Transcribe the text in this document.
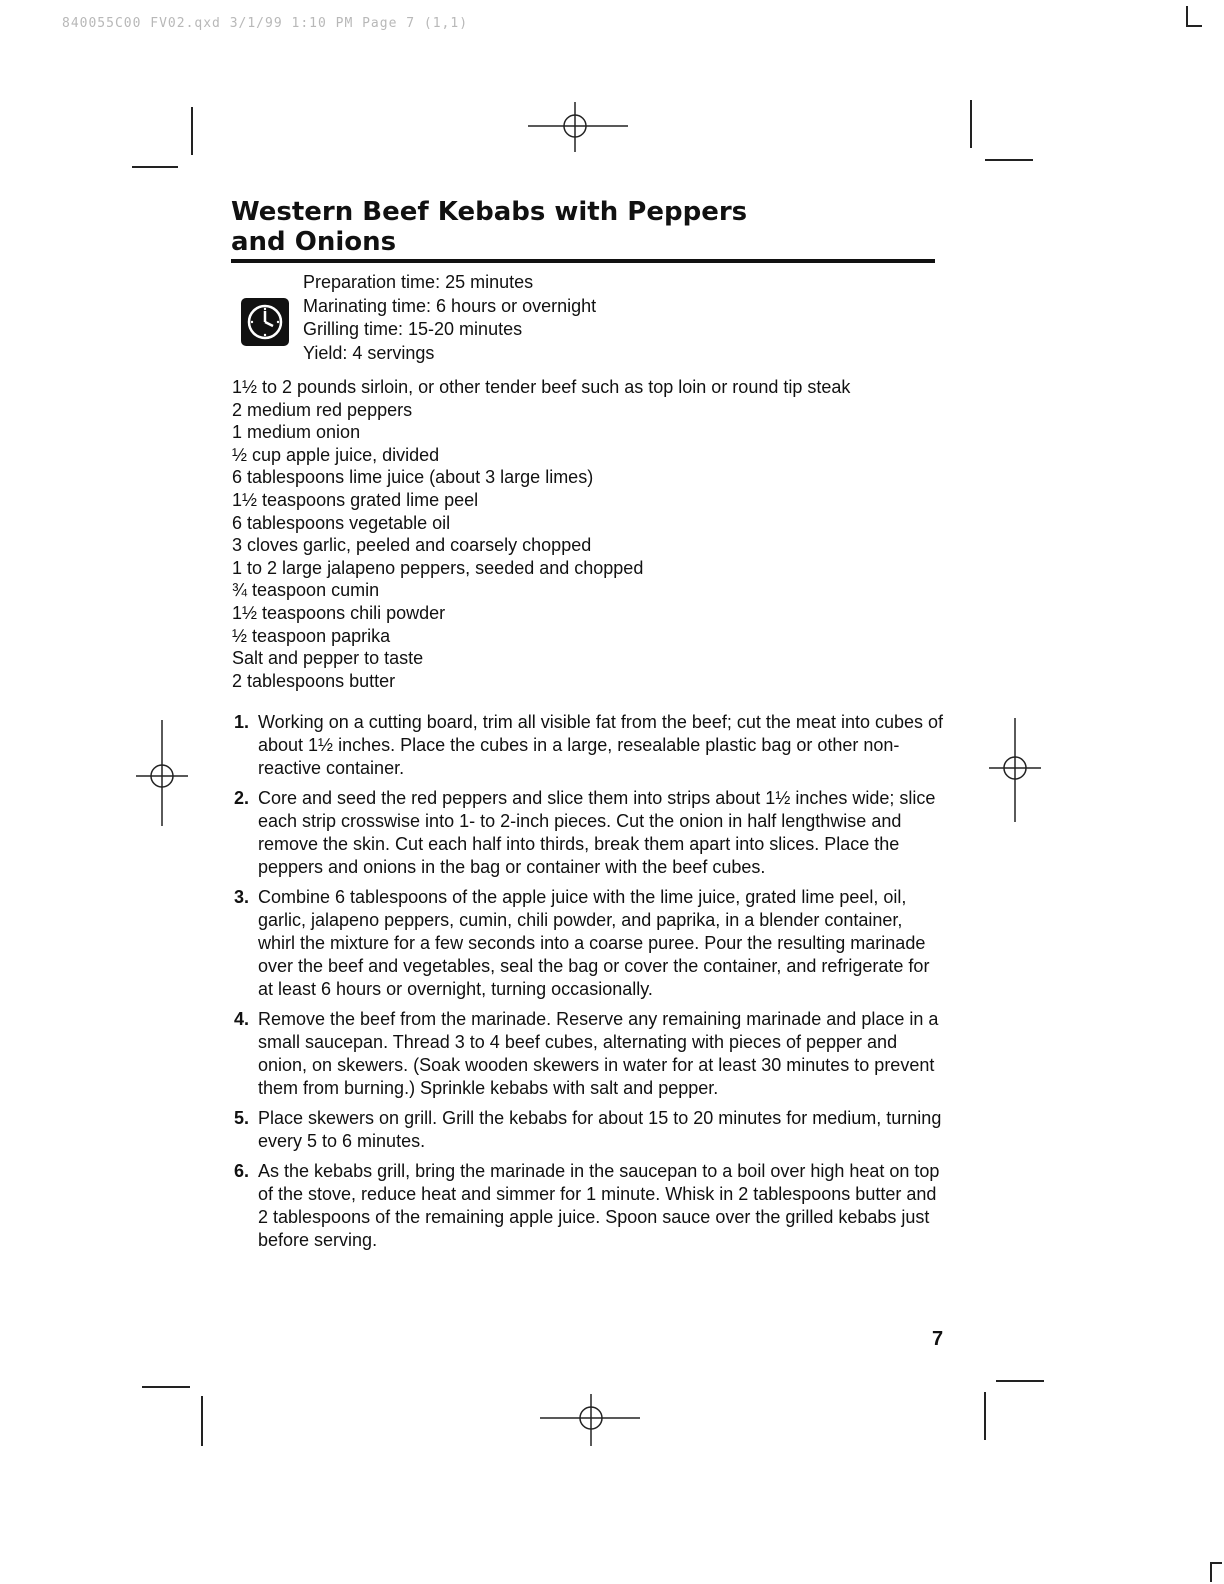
840055C00 FV02.qxd 3/1/99 1:10 PM Page 7 (1,1)
Western Beef Kebabs with Peppers
and Onions
Preparation time: 25 minutes
Marinating time: 6 hours or overnight
Grilling time: 15-20 minutes
Yield: 4 servings
1½ to 2 pounds sirloin, or other tender beef such as top loin or round tip steak
2 medium red peppers
1 medium onion
½ cup apple juice, divided
6 tablespoons lime juice (about 3 large limes)
1½ teaspoons grated lime peel
6 tablespoons vegetable oil
3 cloves garlic, peeled and coarsely chopped
1 to 2 large jalapeno peppers, seeded and chopped
¾ teaspoon cumin
1½ teaspoons chili powder
½ teaspoon paprika
Salt and pepper to taste
2 tablespoons butter
1. Working on a cutting board, trim all visible fat from the beef; cut the meat into cubes of about 1½ inches. Place the cubes in a large, resealable plastic bag or other non-reactive container.
2. Core and seed the red peppers and slice them into strips about 1½ inches wide; slice each strip crosswise into 1- to 2-inch pieces. Cut the onion in half lengthwise and remove the skin. Cut each half into thirds, break them apart into slices. Place the peppers and onions in the bag or container with the beef cubes.
3. Combine 6 tablespoons of the apple juice with the lime juice, grated lime peel, oil, garlic, jalapeno peppers, cumin, chili powder, and paprika, in a blender container, whirl the mixture for a few seconds into a coarse puree. Pour the resulting marinade over the beef and vegetables, seal the bag or cover the container, and refrigerate for at least 6 hours or overnight, turning occasionally.
4. Remove the beef from the marinade. Reserve any remaining marinade and place in a small saucepan. Thread 3 to 4 beef cubes, alternating with pieces of pepper and onion, on skewers. (Soak wooden skewers in water for at least 30 minutes to prevent them from burning.) Sprinkle kebabs with salt and pepper.
5. Place skewers on grill. Grill the kebabs for about 15 to 20 minutes for medium, turning every 5 to 6 minutes.
6. As the kebabs grill, bring the marinade in the saucepan to a boil over high heat on top of the stove, reduce heat and simmer for 1 minute. Whisk in 2 tablespoons butter and 2 tablespoons of the remaining apple juice. Spoon sauce over the grilled kebabs just before serving.
7
